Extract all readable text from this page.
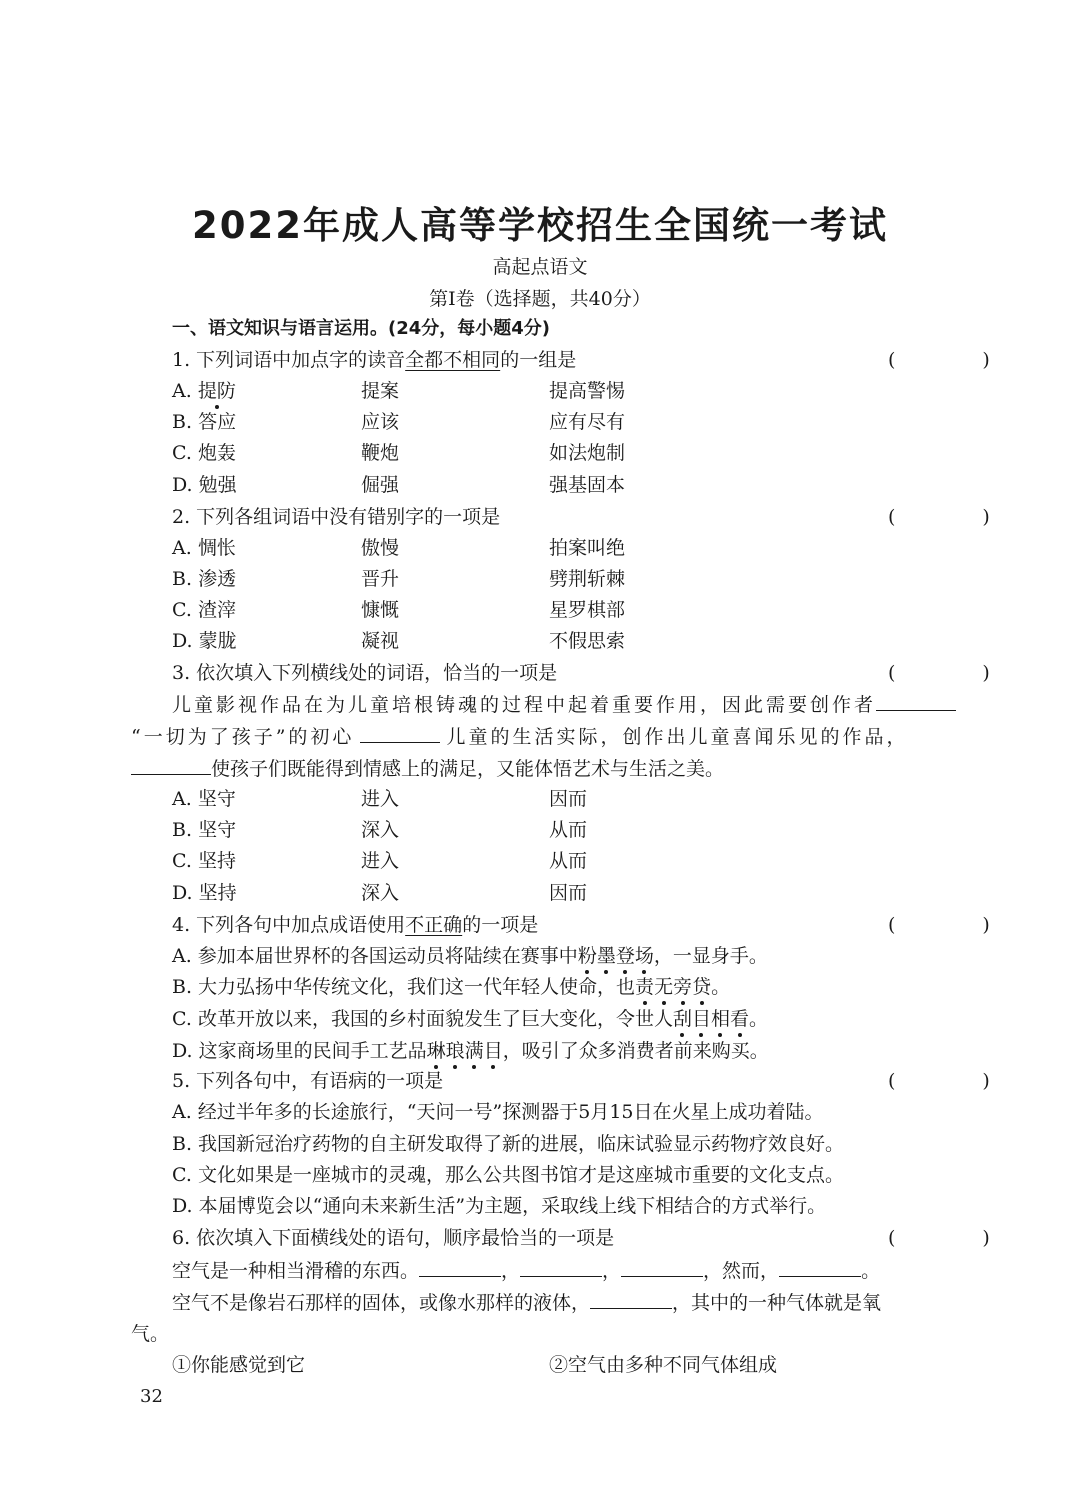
2022年成人高等学校招生全国统一考试
高起点语文
第Ⅰ卷（选择题，共40分）
一、语文知识与语言运用。(24分，每小题4分)
1. 下列词语中加点字的读音全都不相同的一组是	(　)
A. 提防	提案	提高警惕
B. 答应	应该	应有尽有
C. 炮轰	鞭炮	如法炮制
D. 勉强	倔强	强基固本
2. 下列各组词语中没有错别字的一项是	(　)
A. 惆怅	傲慢	拍案叫绝
B. 渗透	晋升	劈荆斩棘
C. 渣滓	慷慨	星罗棋部
D. 蒙胧	凝视	不假思索
3. 依次填入下列横线处的词语，恰当的一项是	(　)
儿童影视作品在为儿童培根铸魂的过程中起着重要作用，因此需要创作者
“一切为了孩子”的初心	儿童的生活实际，创作出儿童喜闻乐见的作品，
使孩子们既能得到情感上的满足，又能体悟艺术与生活之美。
A. 坚守	进入	因而
B. 坚守	深入	从而
C. 坚持	进入	从而
D. 坚持	深入	因而
4. 下列各句中加点成语使用不正确的一项是	(　)
A. 参加本届世界杯的各国运动员将陆续在赛事中粉墨登场，一显身手。
B. 大力弘扬中华传统文化，我们这一代年轻人使命，也责无旁贷。
C. 改革开放以来，我国的乡村面貌发生了巨大变化，令世人刮目相看。
D. 这家商场里的民间手工艺品琳琅满目，吸引了众多消费者前来购买。
5. 下列各句中，有语病的一项是	(　)
A. 经过半年多的长途旅行，“天问一号”探测器于5月15日在火星上成功着陆。
B. 我国新冠治疗药物的自主研发取得了新的进展，临床试验显示药物疗效良好。
C. 文化如果是一座城市的灵魂，那么公共图书馆才是这座城市重要的文化支点。
D. 本届博览会以“通向未来新生活”为主题，采取线上线下相结合的方式举行。
6. 依次填入下面横线处的语句，顺序最恰当的一项是	(　)
空气是一种相当滑稽的东西。	，	，	，然而，	。
空气不是像岩石那样的固体，或像水那样的液体，	，其中的一种气体就是氧
气。
①你能感觉到它	②空气由多种不同气体组成
32
